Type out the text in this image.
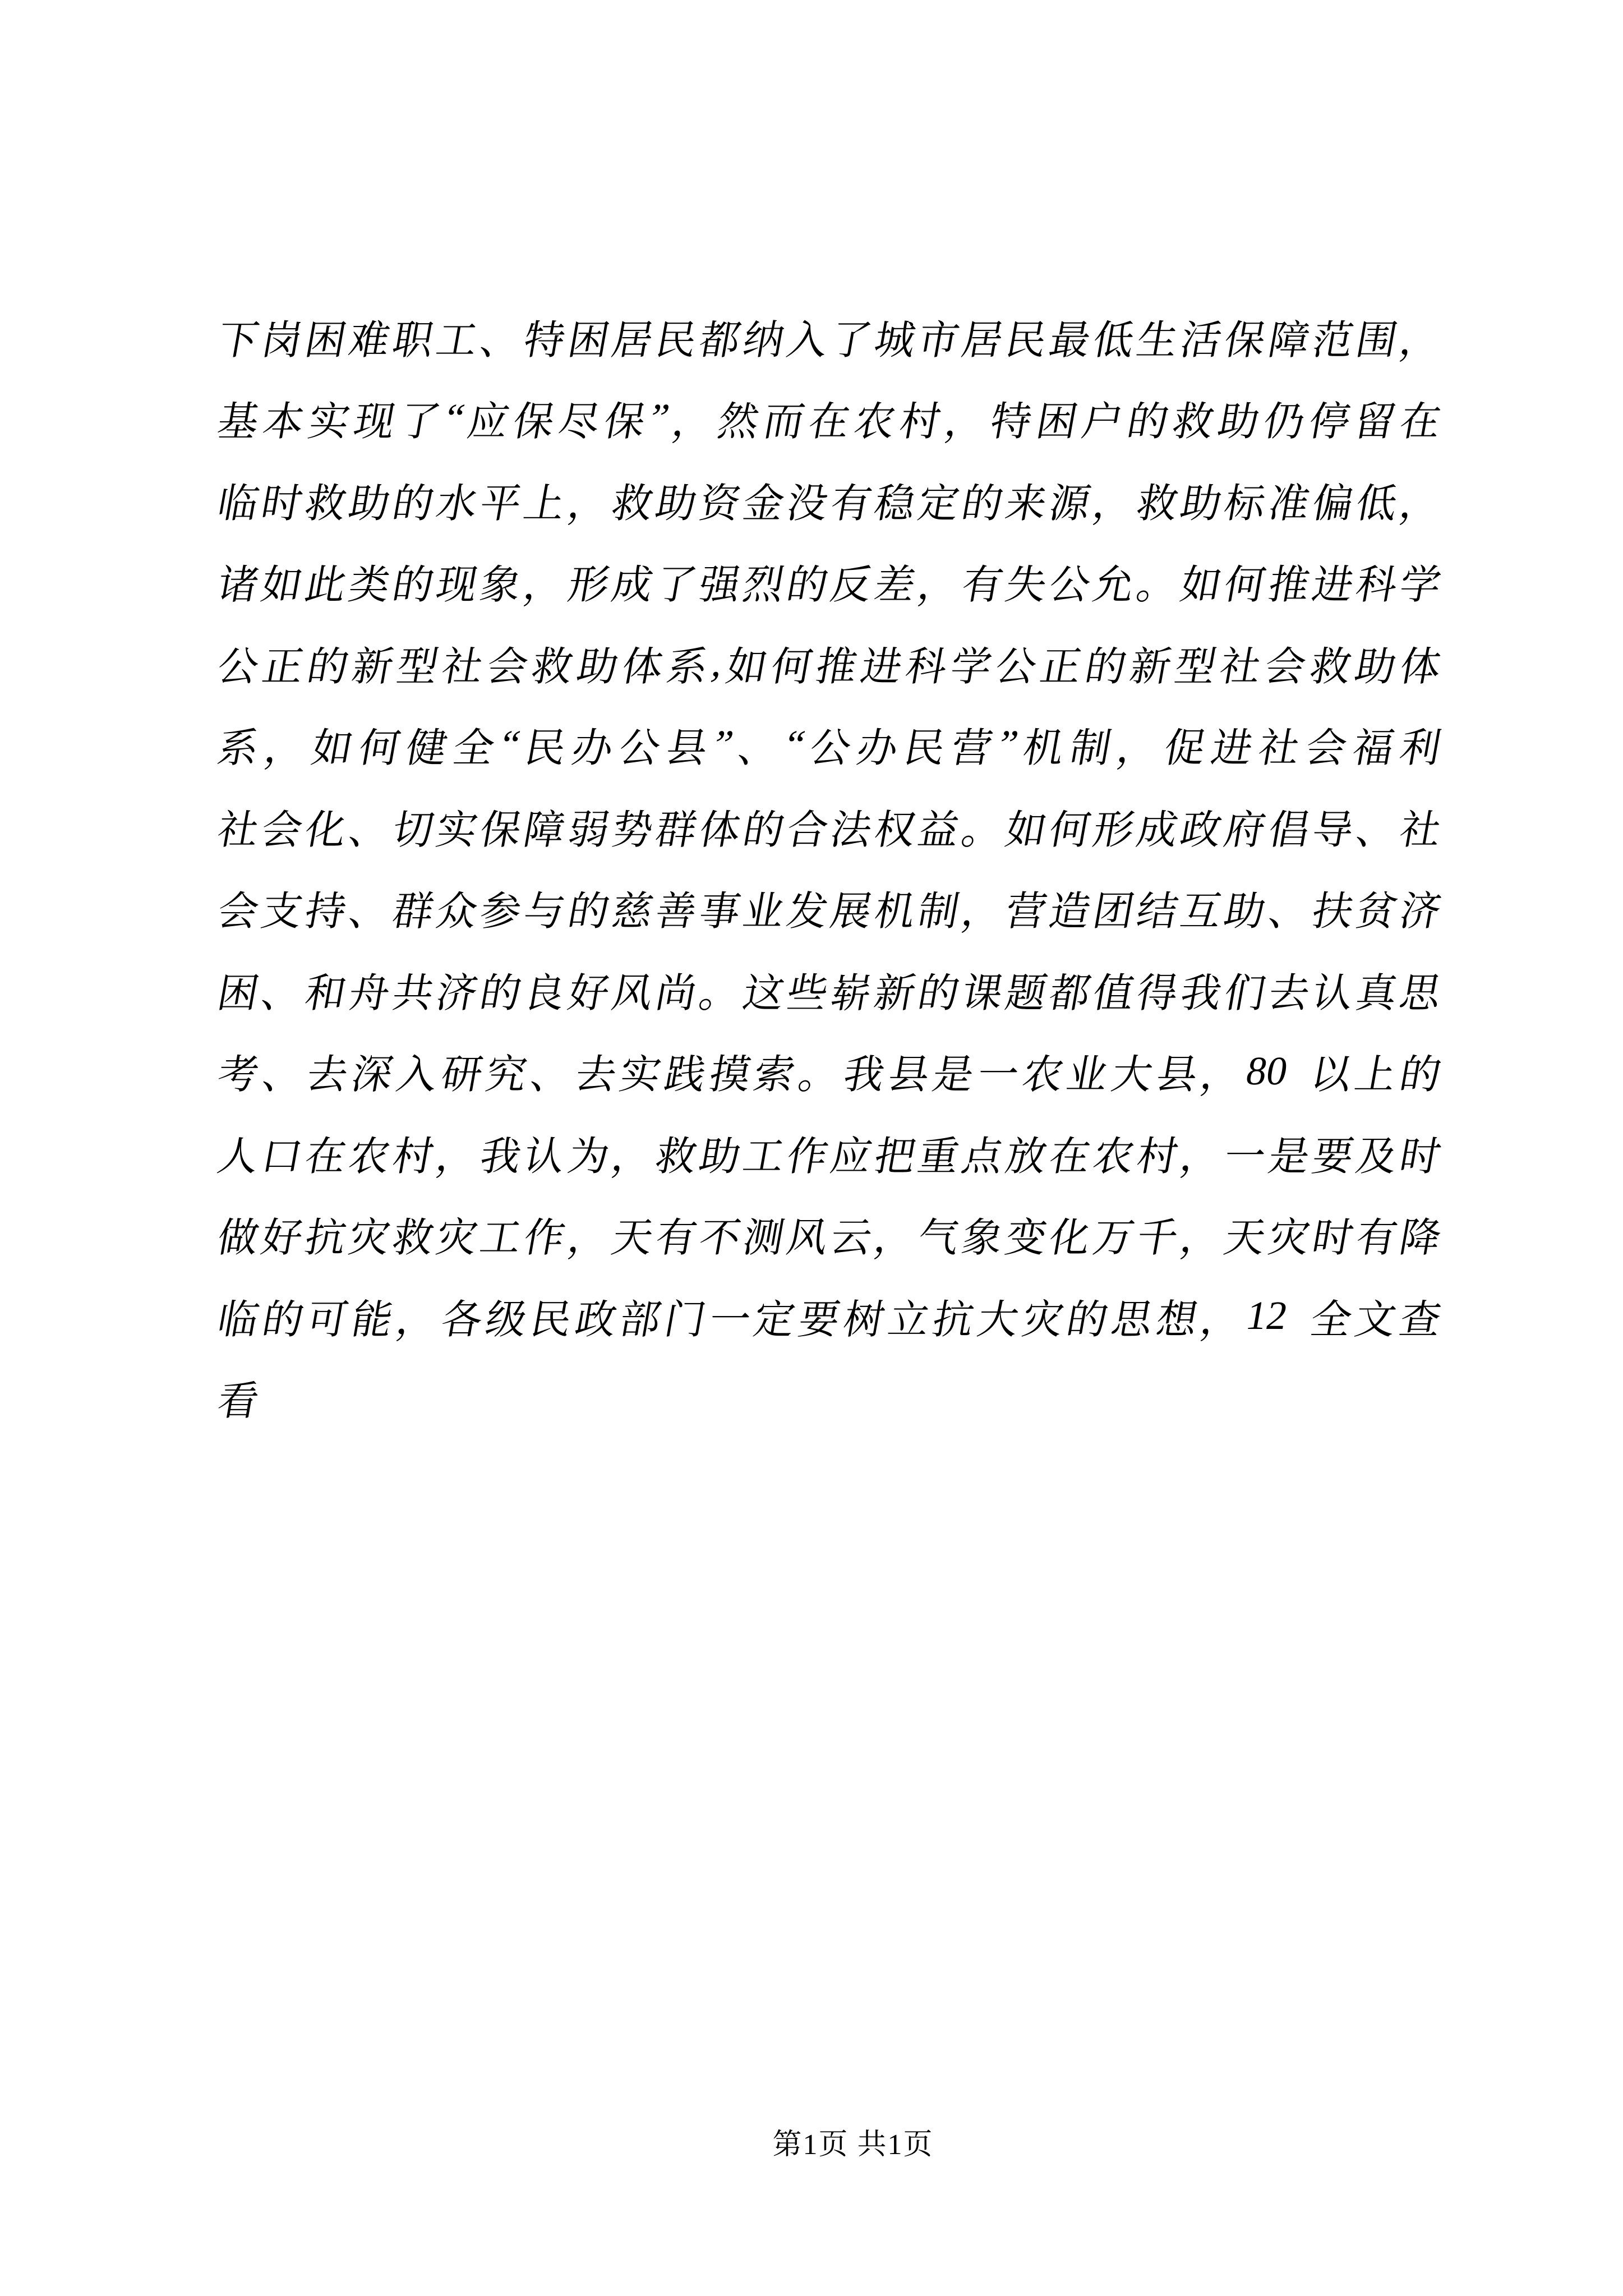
下
岗
困
难
职
工
、
特
困
居
民
都
纳
入
了
城
市
居
民
最
低
生
活
保
障
范
围
，
基
本
实
现
了
“
应
保
尽
保
”
，
然
而
在
农
村
，
特
困
户
的
救
助
仍
停
留
在
临
时
救
助
的
水
平
上
，
救
助
资
金
没
有
稳
定
的
来
源
，
救
助
标
准
偏
低
，
诸
如
此
类
的
现
象
，
形
成
了
强
烈
的
反
差
，
有
失
公
允
。
如
何
推
进
科
学
公
正
的
新
型
社
会
救
助
体
系
,
如
何
推
进
科
学
公
正
的
新
型
社
会
救
助
体
系
，
如
何
健
全 “
民
办
公
县 ”
、 “
公
办
民
营 ”
机
制
，
促
进
社
会
福
利
社
会
化
、
切
实
保
障
弱
势
群
体
的
合
法
权
益
。
如
何
形
成
政
府
倡
导
、
社
会
支
持
、
群
众
参
与
的
慈
善
事
业
发
展
机
制
，
营
造
团
结
互
助
、
扶
贫
济
困
、
和
舟
共
济
的
良
好
风
尚
。
这
些
崭
新
的
课
题
都
值
得
我
们
去
认
真
思
考
、
去
深
入
研
究
、
去
实
践
摸
索
。
我
县
是
一
农
业
大
县
，
80 以
上
的
人
口
在
农
村
，
我
认
为
，
救
助
工
作
应
把
重
点
放
在
农
村
，
一
是
要
及
时
做
好
抗
灾
救
灾
工
作
，
天
有
不
测
风
云
，
气
象
变
化
万
千
，
天
灾
时
有
降
临
的
可
能
，
各
级
民
政
部
门
一
定
要
树
立
抗
大
灾
的
思
想
，
12 全
文
查
看
第1页 共1页
